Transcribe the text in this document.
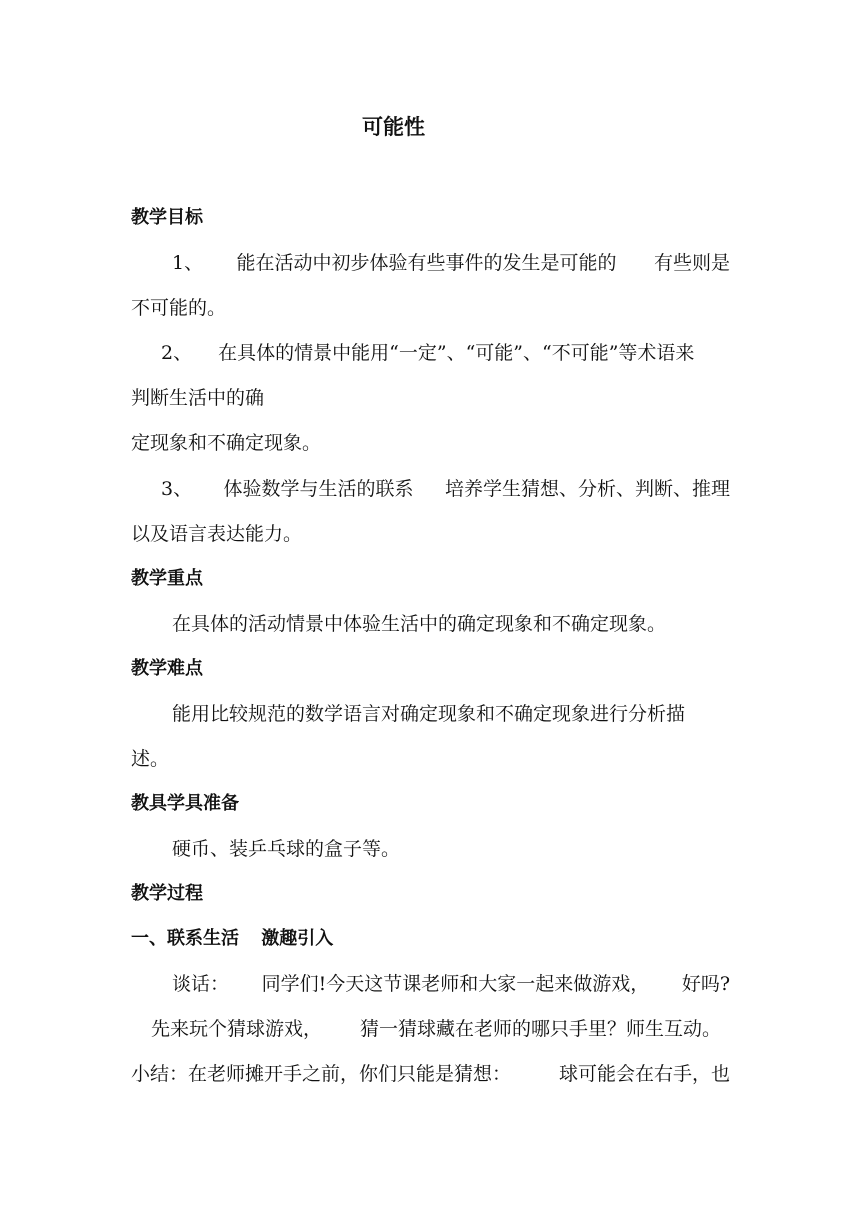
可能性
教学目标
1、 能在活动中初步体验有些事件的发生是可能的 有些则是
不可能的。
2、 在具体的情景中能用“一定”、“可能”、“不可能”等术语来
判断生活中的确
定现象和不确定现象。
3、 体验数学与生活的联系 培养学生猜想、分析、判断、推理
以及语言表达能力。
教学重点
在具体的活动情景中体验生活中的确定现象和不确定现象。
教学难点
能用比较规范的数学语言对确定现象和不确定现象进行分析描
述。
教具学具准备
硬币、装乒乓球的盒子等。
教学过程
一、联系生活 激趣引入
谈话： 同学们!今天这节课老师和大家一起来做游戏， 好吗?
先来玩个猜球游戏， 猜一猜球藏在老师的哪只手里？师生互动。
小结：在老师摊开手之前，你们只能是猜想：	球可能会在右手，也
